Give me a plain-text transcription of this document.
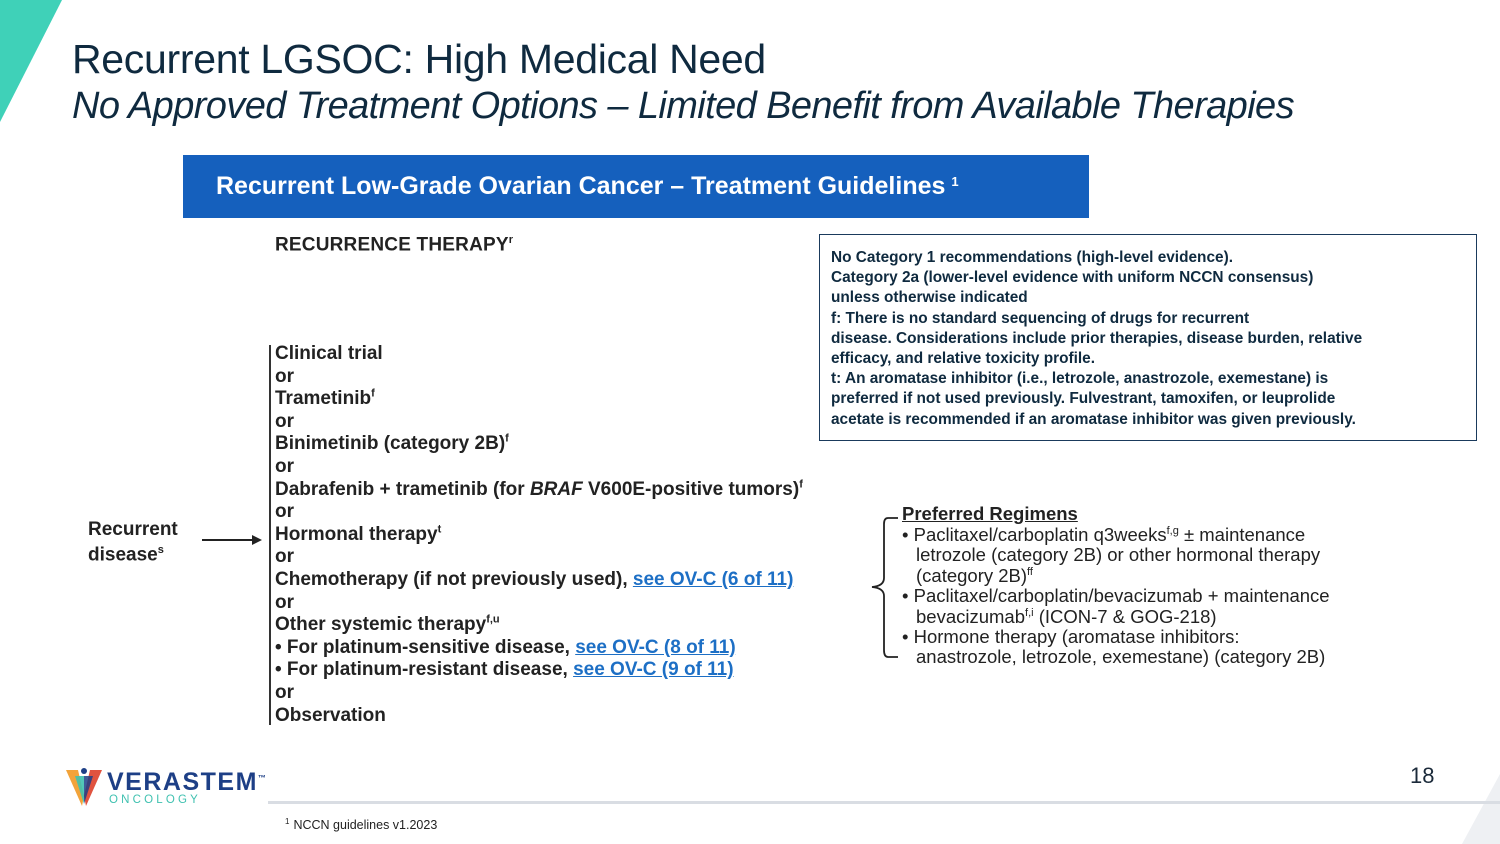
Recurrent LGSOC: High Medical Need
No Approved Treatment Options – Limited Benefit from Available Therapies
Recurrent Low-Grade Ovarian Cancer – Treatment Guidelines $^1$
RECURRENCE THERAPY$^r$
No Category 1 recommendations (high-level evidence).
Category 2a (lower-level evidence with uniform NCCN consensus)
unless otherwise indicated
f: There is no standard sequencing of drugs for recurrent
disease. Considerations include prior therapies, disease burden, relative
efficacy, and relative toxicity profile.
t: An aromatase inhibitor (i.e., letrozole, anastrozole, exemestane) is
preferred if not used previously. Fulvestrant, tamoxifen, or leuprolide
acetate is recommended if an aromatase inhibitor was given previously.
Recurrent
disease$^s$
Clinical trial
or
Trametinib$^f$
or
Binimetinib (category 2B)$^f$
or
Dabrafenib + trametinib (for BRAF V600E-positive tumors)$^f$
or
Hormonal therapy$^t$
or
Chemotherapy (if not previously used), see OV-C (6 of 11)
or
Other systemic therapy$^{f,u}$
• For platinum-sensitive disease, see OV-C (8 of 11)
• For platinum-resistant disease, see OV-C (9 of 11)
or
Observation
Preferred Regimens
• Paclitaxel/carboplatin q3weeks$^{f,g}$ ± maintenance
letrozole (category 2B) or other hormonal therapy
(category 2B)$^{ff}$
• Paclitaxel/carboplatin/bevacizumab + maintenance
bevacizumab$^{f,i}$ (ICON-7 & GOG-218)
• Hormone therapy (aromatase inhibitors:
anastrozole, letrozole, exemestane) (category 2B)
18
VERASTEM™
ONCOLOGY
$^1$ NCCN guidelines v1.2023
